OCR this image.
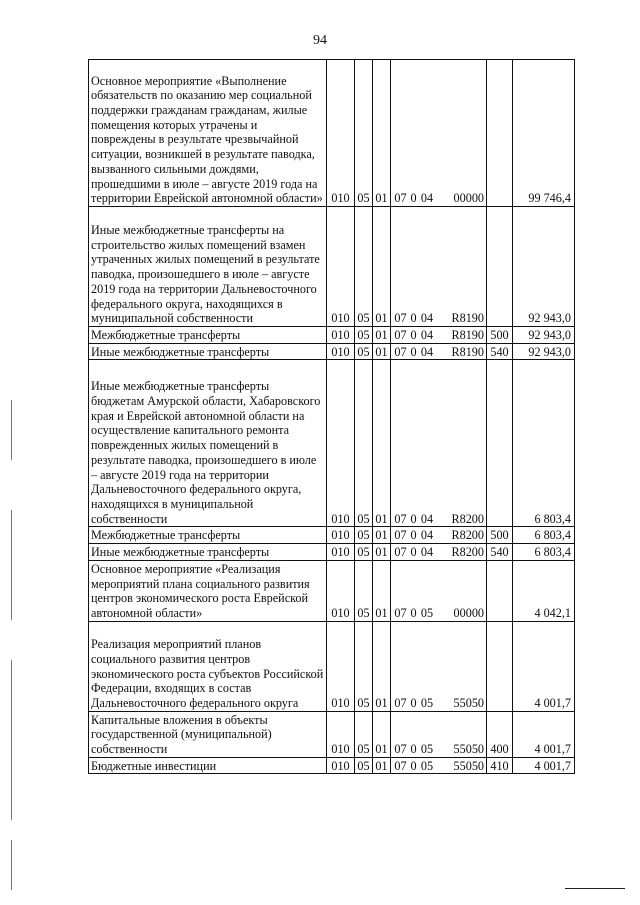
94
Основное мероприятие «Выполнение обязательств по оказанию мер социальной поддержки гражданам гражданам, жилые помещения которых утрачены и повреждены в результате чрезвычайной ситуации, возникшей в результате паводка, вызванного сильными дождями, прошедшими в июле – августе 2019 года на территории Еврейской автономной области»	010	05	01	07 0 04 00000		99 746,4
Иные межбюджетные трансферты на строительство жилых помещений взамен утраченных жилых помещений в результате паводка, произошедшего в июле – августе 2019 года на территории Дальневосточного федерального округа, находящихся в муниципальной собственности	010	05	01	07 0 04 R8190		92 943,0
Межбюджетные трансферты	010	05	01	07 0 04 R8190	500	92 943,0
Иные межбюджетные трансферты	010	05	01	07 0 04 R8190	540	92 943,0
Иные межбюджетные трансферты бюджетам Амурской области, Хабаровского края и Еврейской автономной области на осуществление капитального ремонта поврежденных жилых помещений в результате паводка, произошедшего в июле – августе 2019 года на территории Дальневосточного федерального округа, находящихся в муниципальной собственности	010	05	01	07 0 04 R8200		6 803,4
Межбюджетные трансферты	010	05	01	07 0 04 R8200	500	6 803,4
Иные межбюджетные трансферты	010	05	01	07 0 04 R8200	540	6 803,4
Основное мероприятие «Реализация мероприятий плана социального развития центров экономического роста Еврейской автономной области»	010	05	01	07 0 05 00000		4 042,1
Реализация мероприятий планов социального развития центров экономического роста субъектов Российской Федерации, входящих в состав Дальневосточного федерального округа	010	05	01	07 0 05 55050		4 001,7
Капитальные вложения в объекты государственной (муниципальной) собственности	010	05	01	07 0 05 55050	400	4 001,7
Бюджетные инвестиции	010	05	01	07 0 05 55050	410	4 001,7
